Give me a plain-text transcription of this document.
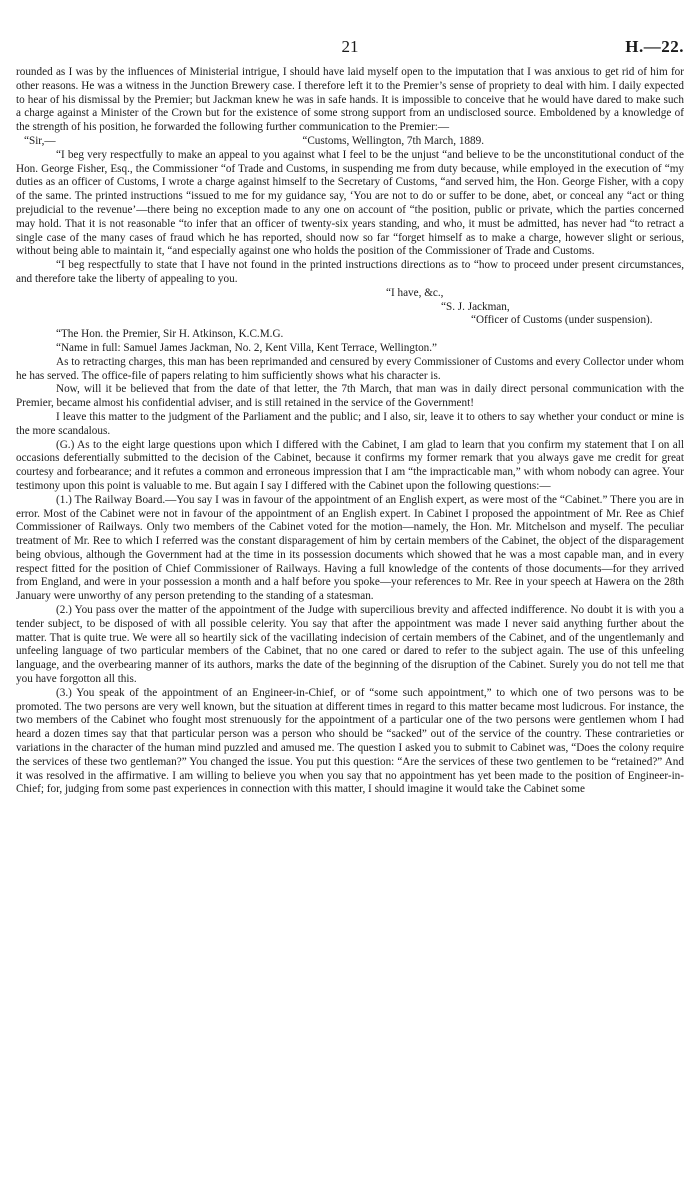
21	H.—22.

rounded as I was by the influences of Ministerial intrigue, I should have laid myself open to the imputation that I was anxious to get rid of him for other reasons. He was a witness in the Junction Brewery case. I therefore left it to the Premier’s sense of propriety to deal with him. I daily expected to hear of his dismissal by the Premier; but Jackman knew he was in safe hands. It is impossible to conceive that he would have dared to make such a charge against a Minister of the Crown but for the existence of some strong support from an undisclosed source. Emboldened by a knowledge of the strength of his position, he forwarded the following further communication to the Premier:—

“Sir,—	“Customs, Wellington, 7th March, 1889.

“I beg very respectfully to make an appeal to you against what I feel to be the unjust “and believe to be the unconstitutional conduct of the Hon. George Fisher, Esq., the Commissioner “of Trade and Customs, in suspending me from duty because, while employed in the execution of “my duties as an officer of Customs, I wrote a charge against himself to the Secretary of Customs, “and served him, the Hon. George Fisher, with a copy of the same. The printed instructions “issued to me for my guidance say, ‘You are not to do or suffer to be done, abet, or conceal any “act or thing prejudicial to the revenue’—there being no exception made to any one on account of “the position, public or private, which the parties concerned may hold. That it is not reasonable “to infer that an officer of twenty-six years standing, and who, it must be admitted, has never had “to retract a single case of the many cases of fraud which he has reported, should now so far “forget himself as to make a charge, however slight or serious, without being able to maintain it, “and especially against one who holds the position of the Commissioner of Trade and Customs.

“I beg respectfully to state that I have not found in the printed instructions directions as to “how to proceed under present circumstances, and therefore take the liberty of appealing to you.

“I have, &c.,
“S. J. Jackman,
“Officer of Customs (under suspension).
“The Hon. the Premier, Sir H. Atkinson, K.C.M.G.
“Name in full: Samuel James Jackman, No. 2, Kent Villa, Kent Terrace, Wellington.”

As to retracting charges, this man has been reprimanded and censured by every Commissioner of Customs and every Collector under whom he has served. The office-file of papers relating to him sufficiently shows what his character is.

Now, will it be believed that from the date of that letter, the 7th March, that man was in daily direct personal communication with the Premier, became almost his confidential adviser, and is still retained in the service of the Government!

I leave this matter to the judgment of the Parliament and the public; and I also, sir, leave it to others to say whether your conduct or mine is the more scandalous.

(G.) As to the eight large questions upon which I differed with the Cabinet, I am glad to learn that you confirm my statement that I on all occasions deferentially submitted to the decision of the Cabinet, because it confirms my former remark that you always gave me credit for great courtesy and forbearance; and it refutes a common and erroneous impression that I am “the impracticable man,” with whom nobody can agree. Your testimony upon this point is valuable to me. But again I say I differed with the Cabinet upon the following questions:—

(1.) The Railway Board.—You say I was in favour of the appointment of an English expert, as were most of the “Cabinet.” There you are in error. Most of the Cabinet were not in favour of the appointment of an English expert. In Cabinet I proposed the appointment of Mr. Ree as Chief Commissioner of Railways. Only two members of the Cabinet voted for the motion—namely, the Hon. Mr. Mitchelson and myself. The peculiar treatment of Mr. Ree to which I referred was the constant disparagement of him by certain members of the Cabinet, the object of the disparagement being obvious, although the Government had at the time in its possession documents which showed that he was a most capable man, and in every respect fitted for the position of Chief Commissioner of Railways. Having a full knowledge of the contents of those documents—for they arrived from England, and were in your possession a month and a half before you spoke—your references to Mr. Ree in your speech at Hawera on the 28th January were unworthy of any person pretending to the standing of a statesman.

(2.) You pass over the matter of the appointment of the Judge with supercilious brevity and affected indifference. No doubt it is with you a tender subject, to be disposed of with all possible celerity. You say that after the appointment was made I never said anything further about the matter. That is quite true. We were all so heartily sick of the vacillating indecision of certain members of the Cabinet, and of the ungentlemanly and unfeeling language of two particular members of the Cabinet, that no one cared or dared to refer to the subject again. The use of this unfeeling language, and the overbearing manner of its authors, marks the date of the beginning of the disruption of the Cabinet. Surely you do not tell me that you have forgotton all this.

(3.) You speak of the appointment of an Engineer-in-Chief, or of “some such appointment,” to which one of two persons was to be promoted. The two persons are very well known, but the situation at different times in regard to this matter became most ludicrous. For instance, the two members of the Cabinet who fought most strenuously for the appointment of a particular one of the two persons were gentlemen whom I had heard a dozen times say that that particular person was a person who should be “sacked” out of the service of the country. These contrarieties or variations in the character of the human mind puzzled and amused me. The question I asked you to submit to Cabinet was, “Does the colony require the services of these two gentleman?” You changed the issue. You put this question: “Are the services of these two gentlemen to be “retained?” And it was resolved in the affirmative. I am willing to believe you when you say that no appointment has yet been made to the position of Engineer-in-Chief; for, judging from some past experiences in connection with this matter, I should imagine it would take the Cabinet some
